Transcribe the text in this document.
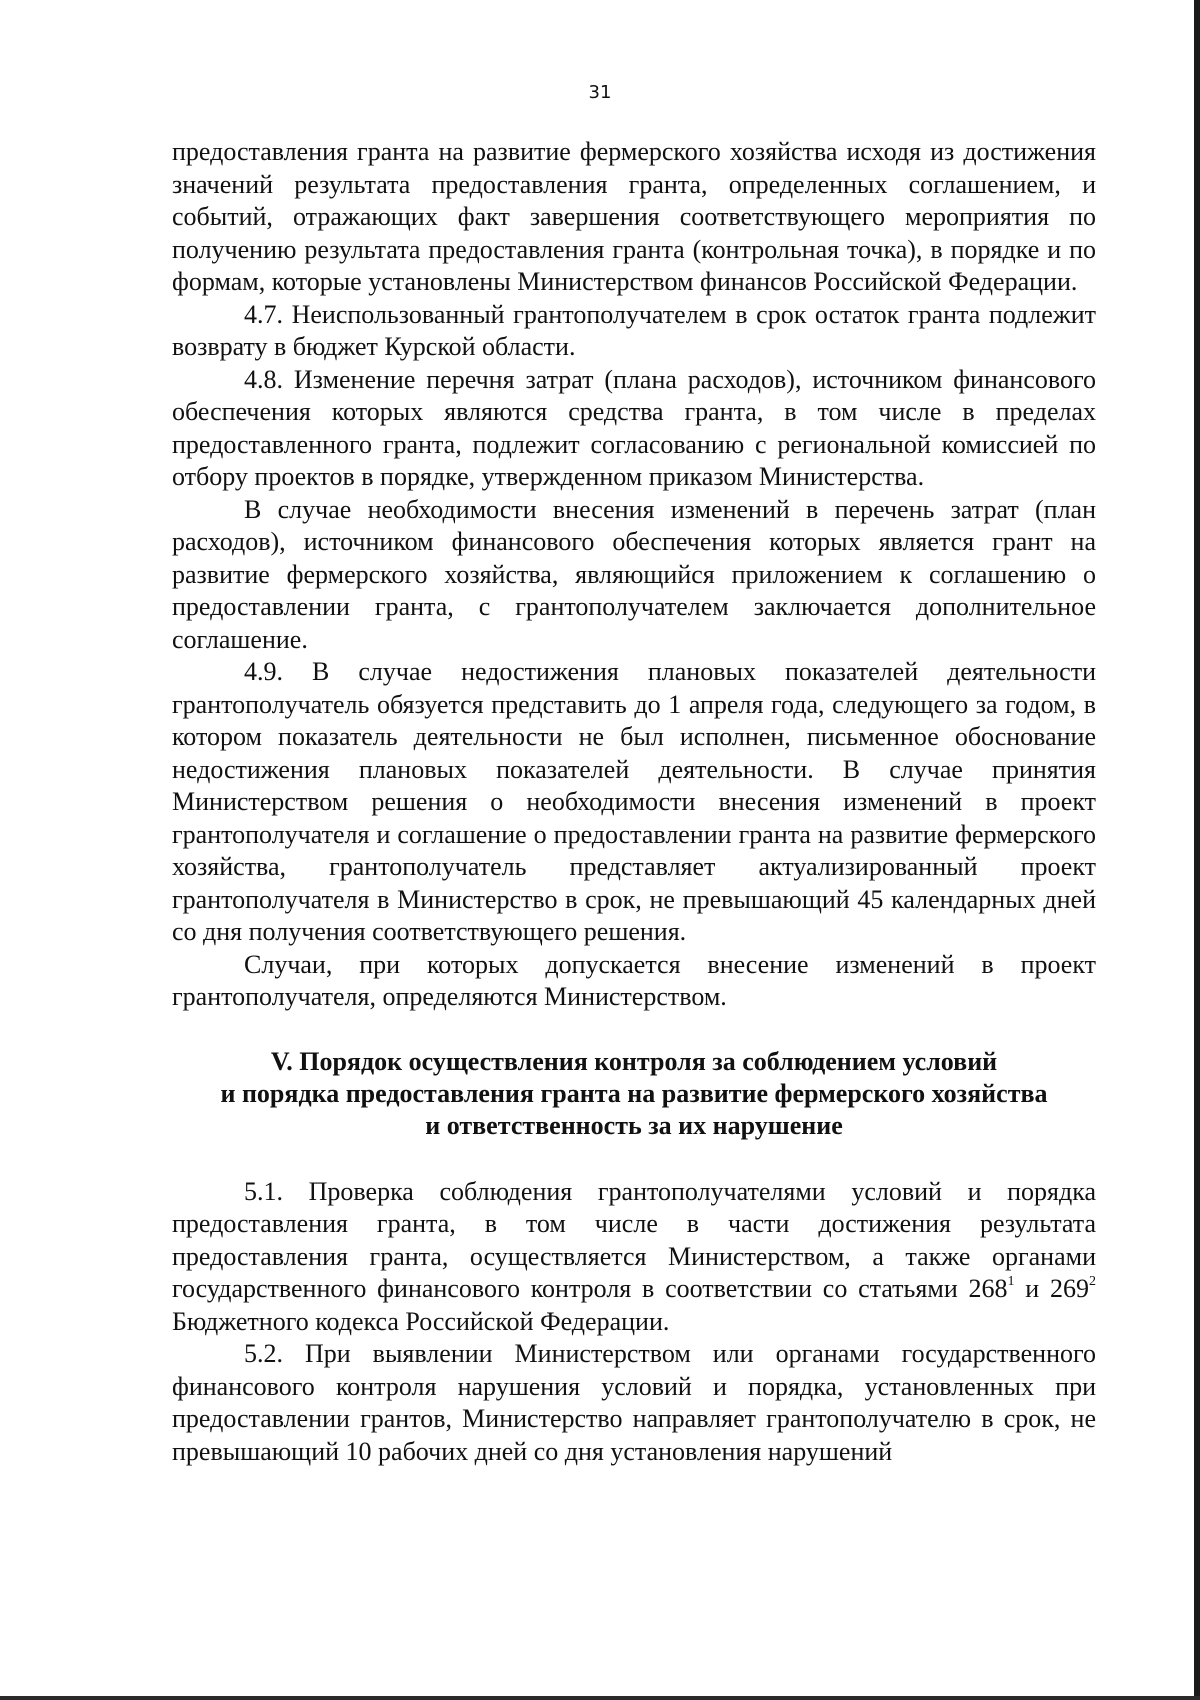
31

предоставления гранта на развитие фермерского хозяйства исходя из достижения значений результата предоставления гранта, определенных соглашением, и событий, отражающих факт завершения соответствующего мероприятия по получению результата предоставления гранта (контрольная точка), в порядке и по формам, которые установлены Министерством финансов Российской Федерации.

4.7. Неиспользованный грантополучателем в срок остаток гранта подлежит возврату в бюджет Курской области.

4.8. Изменение перечня затрат (плана расходов), источником финансового обеспечения которых являются средства гранта, в том числе в пределах предоставленного гранта, подлежит согласованию с региональной комиссией по отбору проектов в порядке, утвержденном приказом Министерства.

В случае необходимости внесения изменений в перечень затрат (план расходов), источником финансового обеспечения которых является грант на развитие фермерского хозяйства, являющийся приложением к соглашению о предоставлении гранта, с грантополучателем заключается дополнительное соглашение.

4.9. В случае недостижения плановых показателей деятельности грантополучатель обязуется представить до 1 апреля года, следующего за годом, в котором показатель деятельности не был исполнен, письменное обоснование недостижения плановых показателей деятельности. В случае принятия Министерством решения о необходимости внесения изменений в проект грантополучателя и соглашение о предоставлении гранта на развитие фермерского хозяйства, грантополучатель представляет актуализированный проект грантополучателя в Министерство в срок, не превышающий 45 календарных дней со дня получения соответствующего решения.

Случаи, при которых допускается внесение изменений в проект грантополучателя, определяются Министерством.

V. Порядок осуществления контроля за соблюдением условий
и порядка предоставления гранта на развитие фермерского хозяйства
и ответственность за их нарушение

5.1. Проверка соблюдения грантополучателями условий и порядка предоставления гранта, в том числе в части достижения результата предоставления гранта, осуществляется Министерством, а также органами государственного финансового контроля в соответствии со статьями $268^1$ и $269^2$ Бюджетного кодекса Российской Федерации.

5.2. При выявлении Министерством или органами государственного финансового контроля нарушения условий и порядка, установленных при предоставлении грантов, Министерство направляет грантополучателю в срок, не превышающий 10 рабочих дней со дня установления нарушений
